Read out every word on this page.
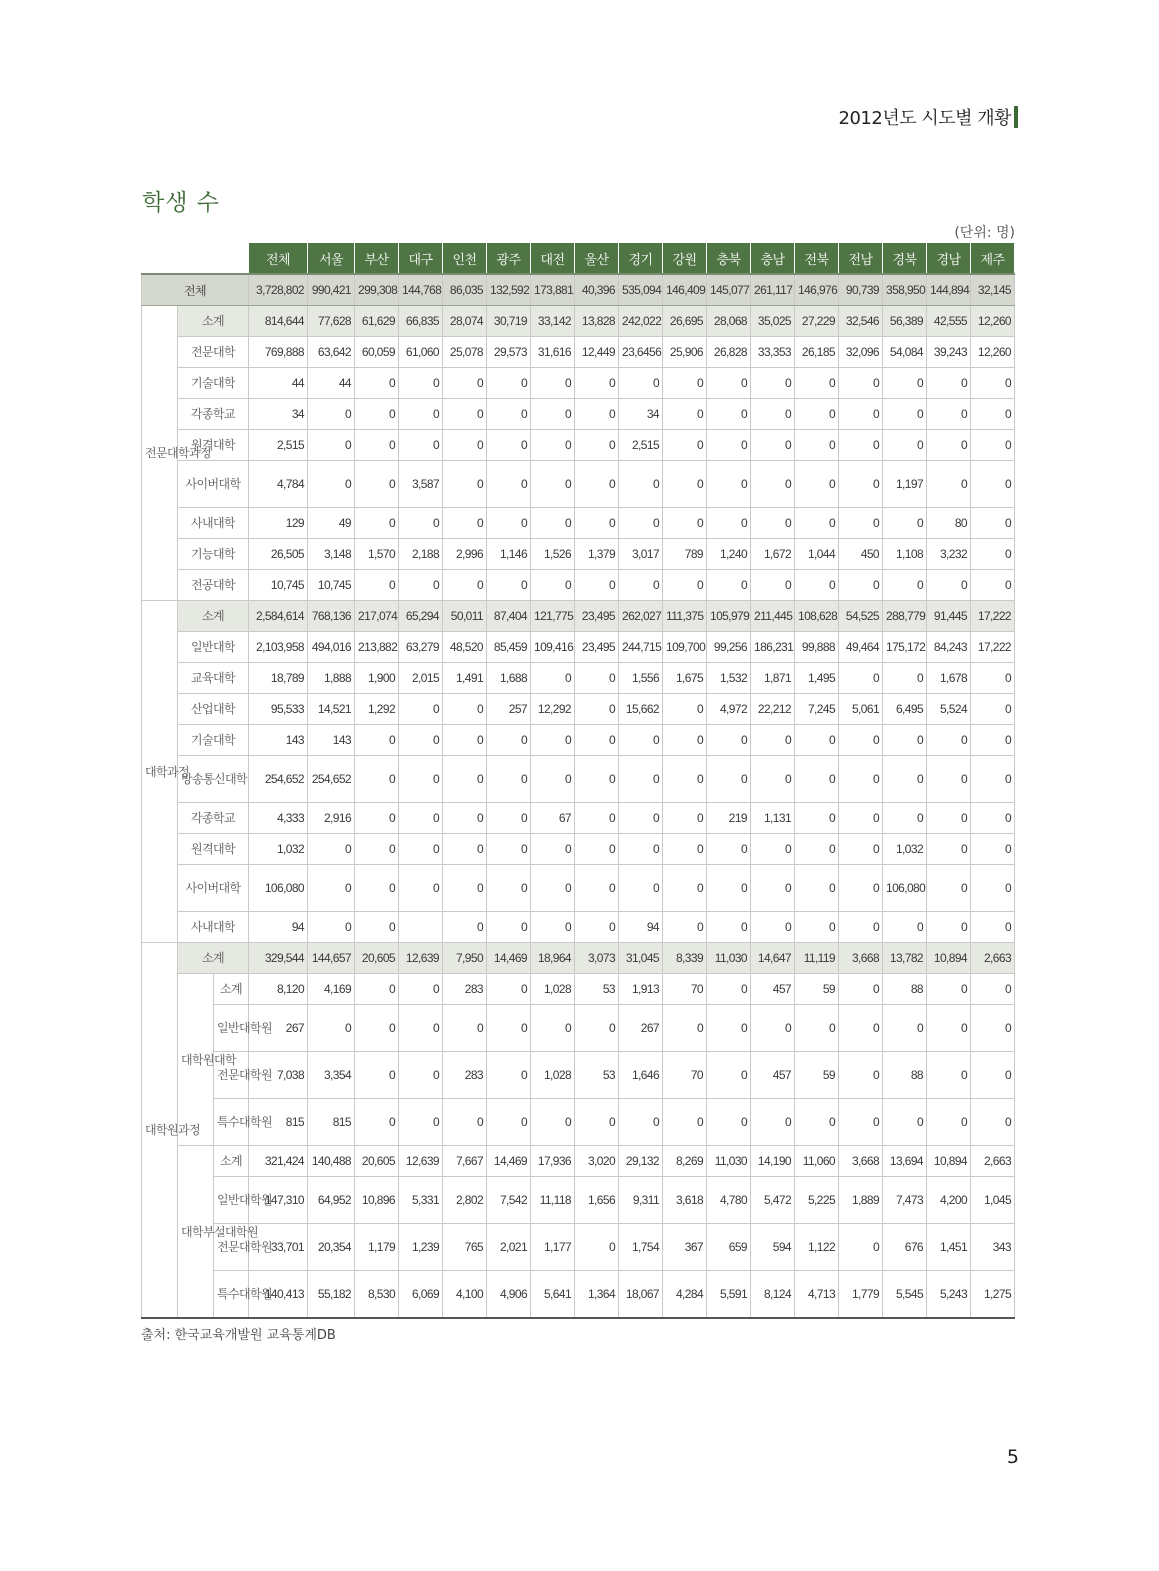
2012년도 시도별 개황
학생 수
(단위: 명)
			전체	서울	부산	대구	인천	광주	대전	울산	경기	강원	충북	충남	전북	전남	경북	경남	제주
전체			3,728,802	990,421	299,308	144,768	86,035	132,592	173,881	40,396	535,094	146,409	145,077	261,117	146,976	90,739	358,950	144,894	32,145
전문대학과정	소계		814,644	77,628	61,629	66,835	28,074	30,719	33,142	13,828	242,022	26,695	28,068	35,025	27,229	32,546	56,389	42,555	12,260
	전문대학		769,888	63,642	60,059	61,060	25,078	29,573	31,616	12,449	23,6456	25,906	26,828	33,353	26,185	32,096	54,084	39,243	12,260
	기술대학		44	44	0	0	0	0	0	0	0	0	0	0	0	0	0	0	0
	각종학교		34	0	0	0	0	0	0	0	34	0	0	0	0	0	0	0	0
	원격대학		2,515	0	0	0	0	0	0	0	2,515	0	0	0	0	0	0	0	0
	사이버대학		4,784	0	0	3,587	0	0	0	0	0	0	0	0	0	0	1,197	0	0
	사내대학		129	49	0	0	0	0	0	0	0	0	0	0	0	0	0	80	0
	기능대학		26,505	3,148	1,570	2,188	2,996	1,146	1,526	1,379	3,017	789	1,240	1,672	1,044	450	1,108	3,232	0
	전공대학		10,745	10,745	0	0	0	0	0	0	0	0	0	0	0	0	0	0	0
대학과정	소계		2,584,614	768,136	217,074	65,294	50,011	87,404	121,775	23,495	262,027	111,375	105,979	211,445	108,628	54,525	288,779	91,445	17,222
	일반대학		2,103,958	494,016	213,882	63,279	48,520	85,459	109,416	23,495	244,715	109,700	99,256	186,231	99,888	49,464	175,172	84,243	17,222
	교육대학		18,789	1,888	1,900	2,015	1,491	1,688	0	0	1,556	1,675	1,532	1,871	1,495	0	0	1,678	0
	산업대학		95,533	14,521	1,292	0	0	257	12,292	0	15,662	0	4,972	22,212	7,245	5,061	6,495	5,524	0
	기술대학		143	143	0	0	0	0	0	0	0	0	0	0	0	0	0	0	0
	방송통신대학		254,652	254,652	0	0	0	0	0	0	0	0	0	0	0	0	0	0	0
	각종학교		4,333	2,916	0	0	0	0	67	0	0	0	219	1,131	0	0	0	0	0
	원격대학		1,032	0	0	0	0	0	0	0	0	0	0	0	0	0	1,032	0	0
	사이버대학		106,080	0	0	0	0	0	0	0	0	0	0	0	0	0	106,080	0	0
	사내대학		94	0	0		0	0	0	0	94	0	0	0	0	0	0	0	0
대학원과정	소계		329,544	144,657	20,605	12,639	7,950	14,469	18,964	3,073	31,045	8,339	11,030	14,647	11,119	3,668	13,782	10,894	2,663
	대학원대학	소계	8,120	4,169	0	0	283	0	1,028	53	1,913	70	0	457	59	0	88	0	0
		일반대학원	267	0	0	0	0	0	0	0	267	0	0	0	0	0	0	0	0
		전문대학원	7,038	3,354	0	0	283	0	1,028	53	1,646	70	0	457	59	0	88	0	0
		특수대학원	815	815	0	0	0	0	0	0	0	0	0	0	0	0	0	0	0
	대학부설대학원	소계	321,424	140,488	20,605	12,639	7,667	14,469	17,936	3,020	29,132	8,269	11,030	14,190	11,060	3,668	13,694	10,894	2,663
		일반대학원	147,310	64,952	10,896	5,331	2,802	7,542	11,118	1,656	9,311	3,618	4,780	5,472	5,225	1,889	7,473	4,200	1,045
		전문대학원	33,701	20,354	1,179	1,239	765	2,021	1,177	0	1,754	367	659	594	1,122	0	676	1,451	343
		특수대학원	140,413	55,182	8,530	6,069	4,100	4,906	5,641	1,364	18,067	4,284	5,591	8,124	4,713	1,779	5,545	5,243	1,275
출처: 한국교육개발원 교육통계DB
5
